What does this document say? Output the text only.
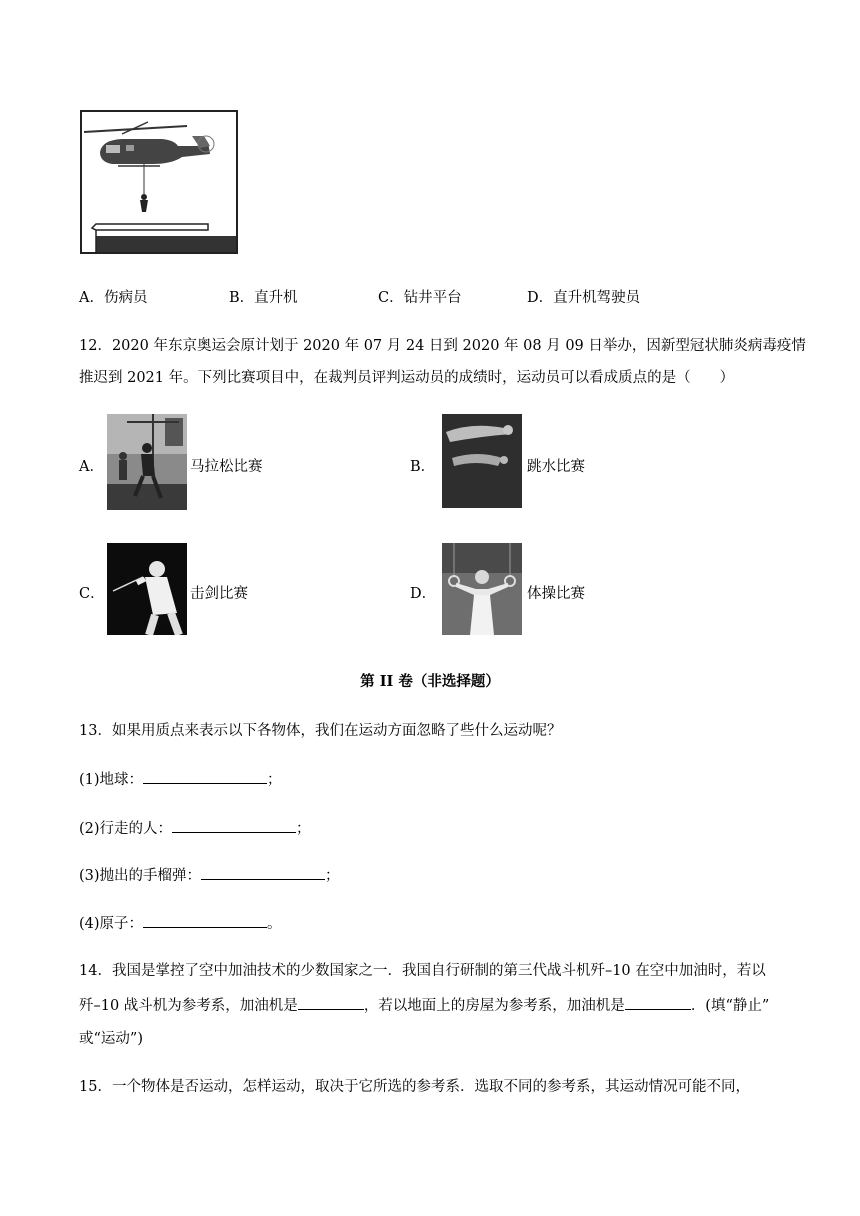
A．伤病员	B．直升机	C．钻井平台	D．直升机驾驶员
12．2020 年东京奥运会原计划于 2020 年 07 月 24 日到 2020 年 08 月 09 日举办，因新型冠状肺炎病毒疫情
推迟到 2021 年。下列比赛项目中，在裁判员评判运动员的成绩时，运动员可以看成质点的是（　　）
A．	马拉松比赛	B．	跳水比赛
C．	击剑比赛	D．	体操比赛
第 II 卷（非选择题）
13．如果用质点来表示以下各物体，我们在运动方面忽略了些什么运动呢？
(1)地球：	；
(2)行走的人：	；
(3)抛出的手榴弹：	；
(4)原子：	。
14．我国是掌控了空中加油技术的少数国家之一．我国自行研制的第三代战斗机歼–10 在空中加油时，若以
歼–10 战斗机为参考系，加油机是	，若以地面上的房屋为参考系，加油机是	．(填“静止”
或“运动”)
15．一个物体是否运动，怎样运动，取决于它所选的参考系．选取不同的参考系，其运动情况可能不同，
